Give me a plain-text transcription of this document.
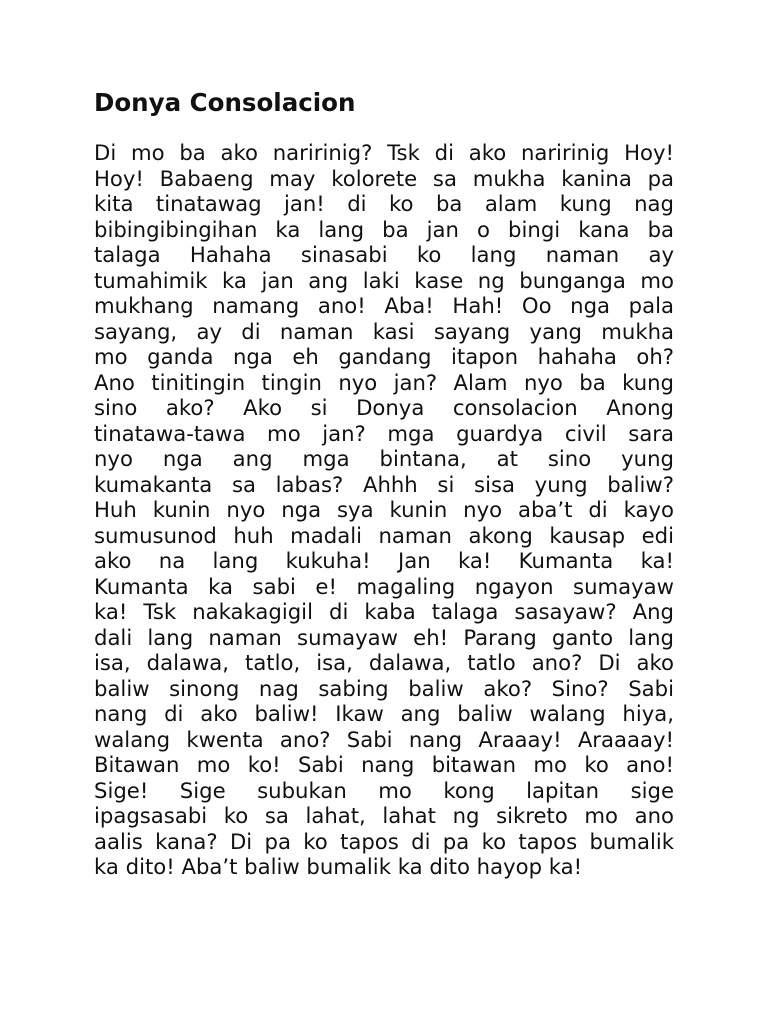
Donya Consolacion
Di mo ba ako naririnig? Tsk di ako naririnig Hoy!
Hoy! Babaeng may kolorete sa mukha kanina pa
kita tinatawag jan! di ko ba alam kung nag
bibingibingihan ka lang ba jan o bingi kana ba
talaga Hahaha sinasabi ko lang naman ay
tumahimik ka jan ang laki kase ng bunganga mo
mukhang namang ano! Aba! Hah! Oo nga pala
sayang, ay di naman kasi sayang yang mukha
mo ganda nga eh gandang itapon hahaha oh?
Ano tinitingin tingin nyo jan? Alam nyo ba kung
sino ako? Ako si Donya consolacion Anong
tinatawa-tawa mo jan? mga guardya civil sara
nyo nga ang mga bintana, at sino yung
kumakanta sa labas? Ahhh si sisa yung baliw?
Huh kunin nyo nga sya kunin nyo aba’t di kayo
sumusunod huh madali naman akong kausap edi
ako na lang kukuha! Jan ka! Kumanta ka!
Kumanta ka sabi e! magaling ngayon sumayaw
ka! Tsk nakakagigil di kaba talaga sasayaw? Ang
dali lang naman sumayaw eh! Parang ganto lang
isa, dalawa, tatlo, isa, dalawa, tatlo ano? Di ako
baliw sinong nag sabing baliw ako? Sino? Sabi
nang di ako baliw! Ikaw ang baliw walang hiya,
walang kwenta ano? Sabi nang Araaay! Araaaay!
Bitawan mo ko! Sabi nang bitawan mo ko ano!
Sige! Sige subukan mo kong lapitan sige
ipagsasabi ko sa lahat, lahat ng sikreto mo ano
aalis kana? Di pa ko tapos di pa ko tapos bumalik
ka dito! Aba’t baliw bumalik ka dito hayop ka!
